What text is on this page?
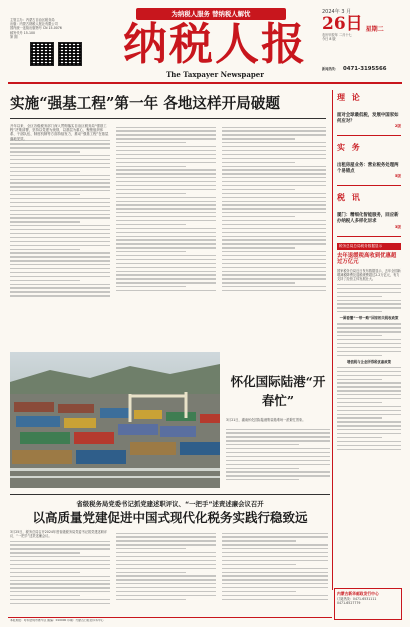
主管主办：内蒙古自治区税务局
出版：内蒙古纳税人报社有限公司
国内统一连续出版物号 CN 15-0076
邮发代号 15-100
第 期
为纳税人服务 替纳税人解忧
纳税人报
The Taxpayer Newspaper
2024年 3 月
26日 星期二
农历甲辰年 二月十七
今日 8 版
新闻热线： 0471-3195566
实施“强基工程”第一年 各地这样开局破题
开年以来，全区各级税务部门深入贯彻落实自治区税务局“强基工程”决策部署，坚持以党建为统领，以基层为重心，聚焦组织体系、干部队伍、制度机制等方面持续发力，推动“强基工程”在基层
理 论
面对全球最低税，发展中国家如何应对？
2版
实 务
出租房屋业务：营业税务处理两个易错点
5版
税 讯
厦门：精细化智能服务，回应新办纳税人多样化诉求
3版
税务总局总局税务数据显示
去年退缓税高收到优惠超过万亿元
国家税务总局近日发布数据显示，去年全国新增减税降费及退税缓费超过2.2万亿元，有力支持了经营主体发展壮大。
一图看懂“一带一路”国家相关税收政策
增值税与企业所得税优惠政策
怀化国际陆港“开春忙”
3月21日，湖南怀化国际陆港集装箱堆场一派繁忙景象。
省级税务局党委书记抓党建述职评议、“一把手”述责述廉会议召开
以高质量党建促进中国式现代化税务实践行稳致远
3月25日，税务总局召开2024年度省级税务局党委书记抓党建述职评议、“一把手”述责述廉会议。
内蒙古新华邮政发行中心
订阅热线：0471-6531111
0471-6527779
本报地址：呼和浩特市赛罕区 邮编：010000 印刷：内蒙古日报社印务中心
